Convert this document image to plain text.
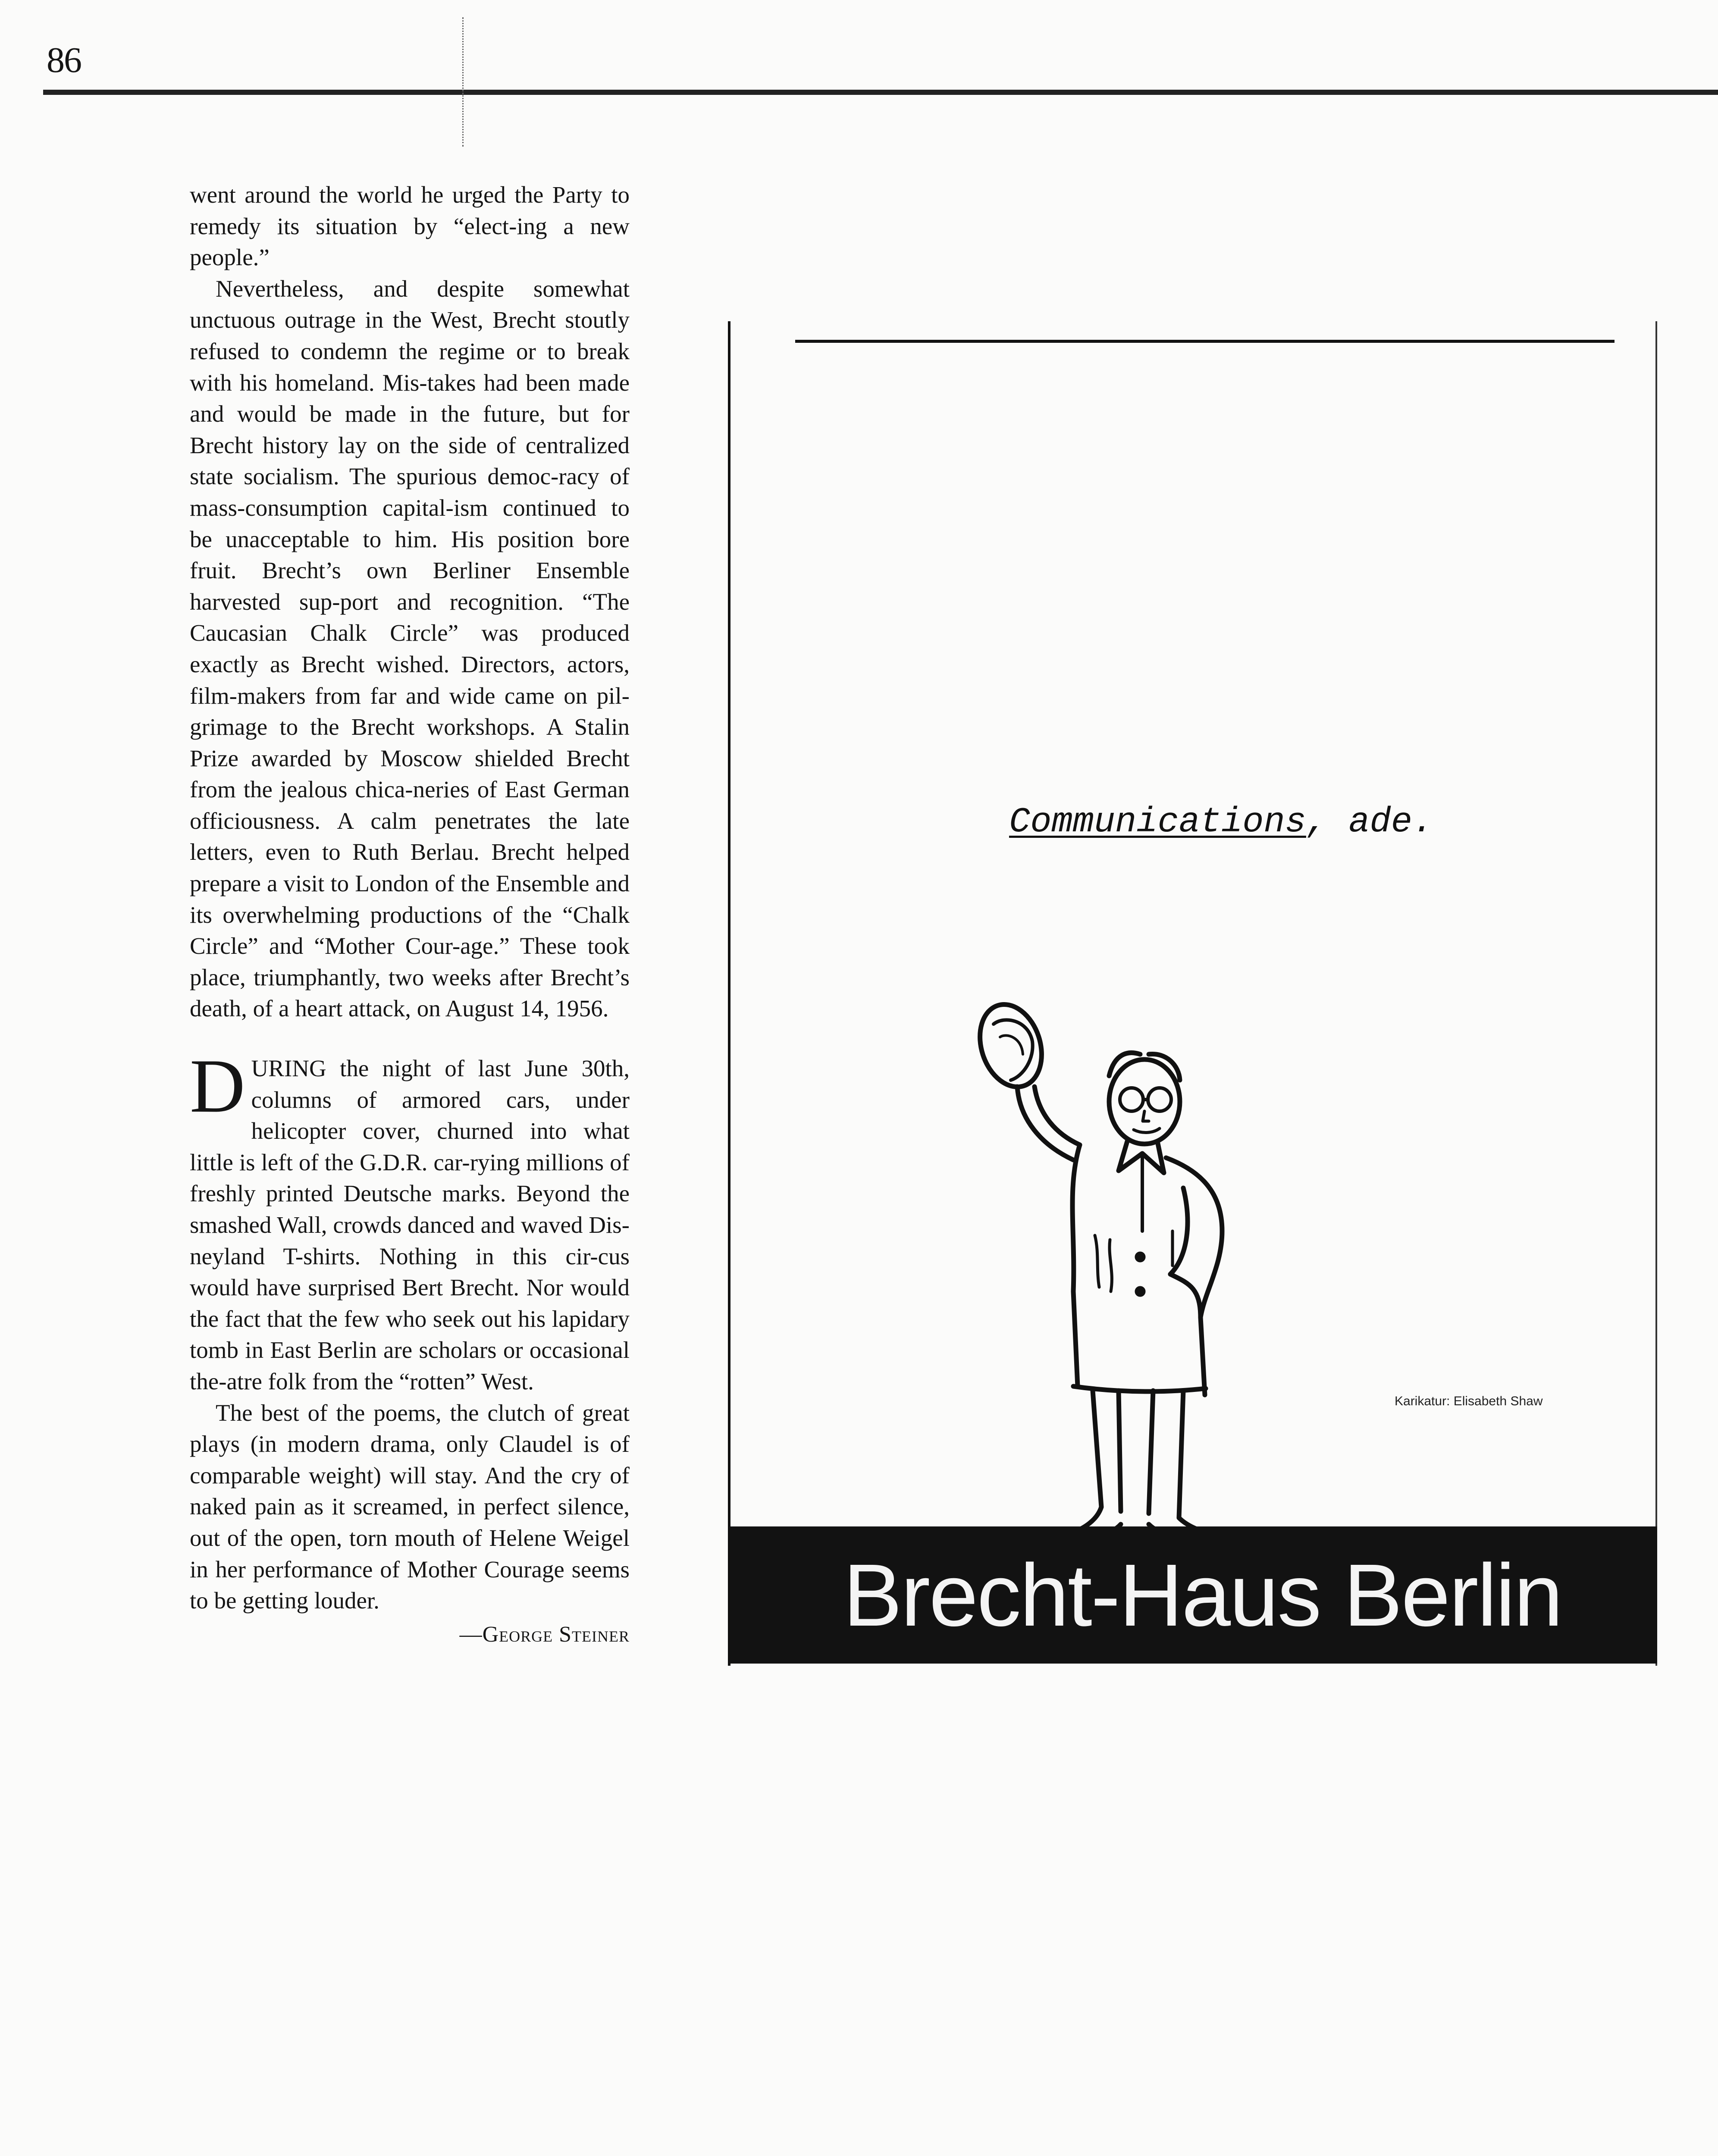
86

went around the world he urged the Party to remedy its situation by “elect-ing a new people.”

Nevertheless, and despite somewhat unctuous outrage in the West, Brecht stoutly refused to condemn the regime or to break with his homeland. Mis-takes had been made and would be made in the future, but for Brecht history lay on the side of centralized state socialism. The spurious democ-racy of mass-consumption capital-ism continued to be unacceptable to him. His position bore fruit. Brecht’s own Berliner Ensemble harvested sup-port and recognition. “The Caucasian Chalk Circle” was produced exactly as Brecht wished. Directors, actors, film-makers from far and wide came on pil-grimage to the Brecht workshops. A Stalin Prize awarded by Moscow shielded Brecht from the jealous chica-neries of East German officiousness. A calm penetrates the late letters, even to Ruth Berlau. Brecht helped prepare a visit to London of the Ensemble and its overwhelming productions of the “Chalk Circle” and “Mother Cour-age.” These took place, triumphantly, two weeks after Brecht’s death, of a heart attack, on August 14, 1956.

DURING the night of last June 30th, columns of armored cars, under helicopter cover, churned into what little is left of the G.D.R. car-rying millions of freshly printed Deutsche marks. Beyond the smashed Wall, crowds danced and waved Dis-neyland T-shirts. Nothing in this cir-cus would have surprised Bert Brecht. Nor would the fact that the few who seek out his lapidary tomb in East Berlin are scholars or occasional the-atre folk from the “rotten” West.

The best of the poems, the clutch of great plays (in modern drama, only Claudel is of comparable weight) will stay. And the cry of naked pain as it screamed, in perfect silence, out of the open, torn mouth of Helene Weigel in her performance of Mother Courage seems to be getting louder.

—George Steiner
Communications, ade.
Karikatur: Elisabeth Shaw
Brecht-Haus Berlin
